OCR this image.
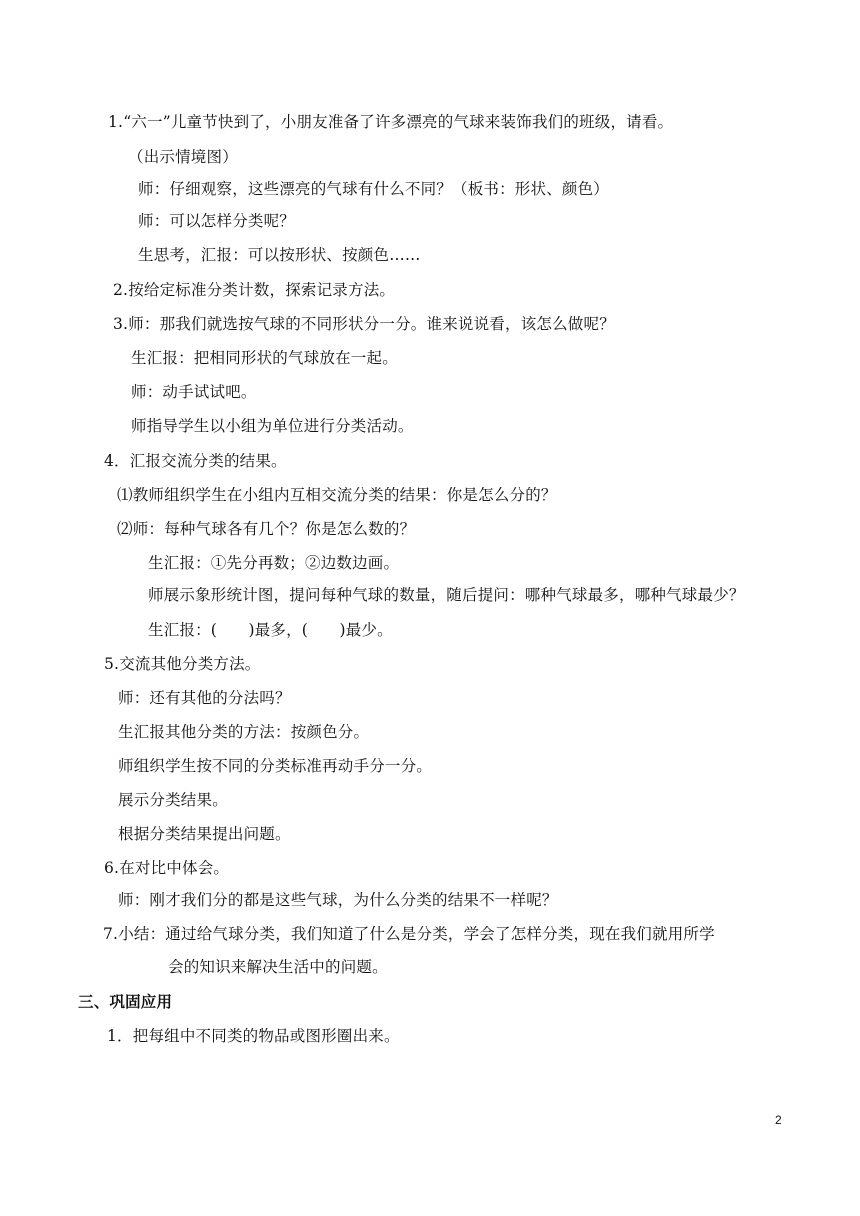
1.“六一”儿童节快到了，小朋友准备了许多漂亮的气球来装饰我们的班级，请看。
（出示情境图）
师：仔细观察，这些漂亮的气球有什么不同？（板书：形状、颜色）
师：可以怎样分类呢？
生思考，汇报：可以按形状、按颜色……
2.按给定标准分类计数，探索记录方法。
3.师：那我们就选按气球的不同形状分一分。谁来说说看，该怎么做呢？
生汇报：把相同形状的气球放在一起。
师：动手试试吧。
师指导学生以小组为单位进行分类活动。
4．汇报交流分类的结果。
⑴教师组织学生在小组内互相交流分类的结果：你是怎么分的？
⑵师：每种气球各有几个？你是怎么数的？
生汇报：①先分再数；②边数边画。
师展示象形统计图，提问每种气球的数量，随后提问：哪种气球最多，哪种气球最少？
生汇报：(　　)最多，(　　)最少。
5.交流其他分类方法。
师：还有其他的分法吗？
生汇报其他分类的方法：按颜色分。
师组织学生按不同的分类标准再动手分一分。
展示分类结果。
根据分类结果提出问题。
6.在对比中体会。
师：刚才我们分的都是这些气球，为什么分类的结果不一样呢？
7.小结：通过给气球分类，我们知道了什么是分类，学会了怎样分类，现在我们就用所学
会的知识来解决生活中的问题。
三、巩固应用
1．把每组中不同类的物品或图形圈出来。
2
